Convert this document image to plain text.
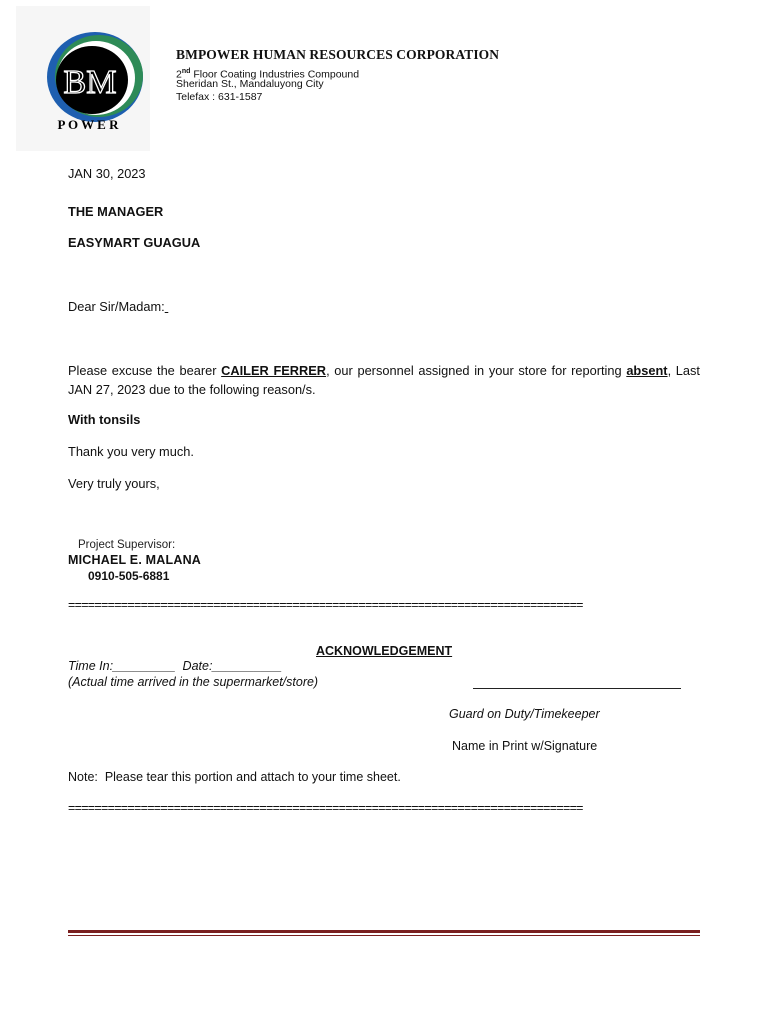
BM
P O W E R
BMPOWER HUMAN RESOURCES CORPORATION
2nd Floor Coating Industries Compound
Sheridan St., Mandaluyong City
Telefax : 631-1587
JAN 30, 2023
THE MANAGER
EASYMART GUAGUA
Dear Sir/Madam:
Please excuse the bearer CAILER FERRER, our personnel assigned in your store for reporting absent, Last JAN 27, 2023 due to the following reason/s.
With tonsils
Thank you very much.
Very truly yours,
Project Supervisor:
MICHAEL E. MALANA
0910-505-6881
==============================================================================
ACKNOWLEDGEMENT
Time In:_________  Date:__________
(Actual time arrived in the supermarket/store)
Guard on Duty/Timekeeper
Name in Print w/Signature
Note:  Please tear this portion and attach to your time sheet.
==============================================================================
